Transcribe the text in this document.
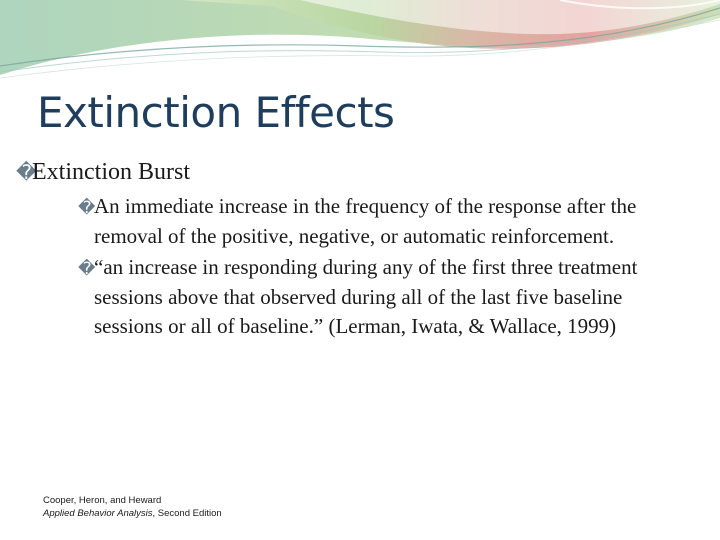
Extinction Effects
�
Extinction Burst
�
An immediate increase in the frequency of the response after the removal of the positive, negative, or automatic reinforcement.
�
“an increase in responding during any of the first three treatment sessions above that observed during all of the last five baseline sessions or all of baseline.” (Lerman, Iwata, & Wallace, 1999)
Cooper, Heron, and Heward
Applied Behavior Analysis, Second Edition
